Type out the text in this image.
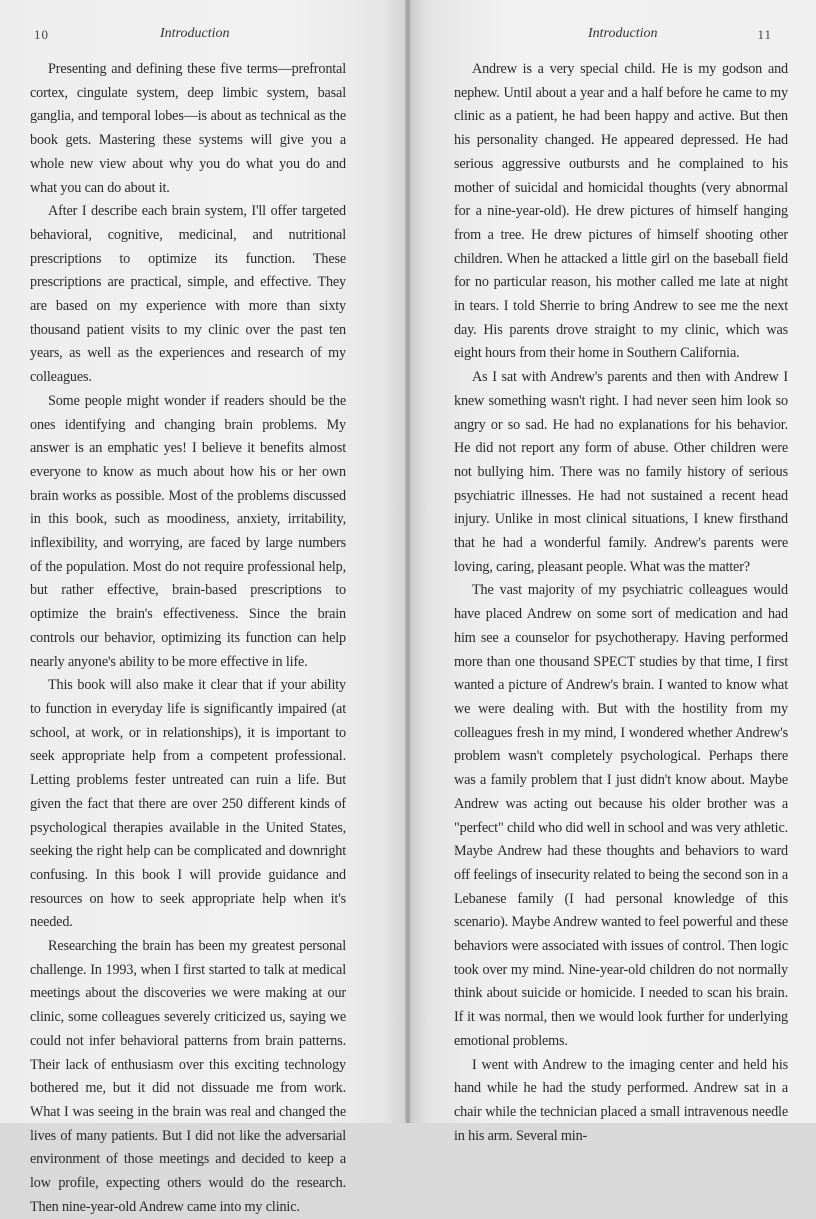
10	Introduction

Presenting and defining these five terms—prefrontal cortex, cingulate system, deep limbic system, basal ganglia, and temporal lobes—is about as technical as the book gets. Mastering these systems will give you a whole new view about why you do what you do and what you can do about it.

After I describe each brain system, I'll offer targeted behavioral, cognitive, medicinal, and nutritional prescriptions to optimize its function. These prescriptions are practical, simple, and effective. They are based on my experience with more than sixty thousand patient visits to my clinic over the past ten years, as well as the experiences and research of my colleagues.

Some people might wonder if readers should be the ones identifying and changing brain problems. My answer is an emphatic yes! I believe it benefits almost everyone to know as much about how his or her own brain works as possible. Most of the problems discussed in this book, such as moodiness, anxiety, irritability, inflexibility, and worrying, are faced by large numbers of the population. Most do not require professional help, but rather effective, brain-based prescriptions to optimize the brain's effectiveness. Since the brain controls our behavior, optimizing its function can help nearly anyone's ability to be more effective in life.

This book will also make it clear that if your ability to function in everyday life is significantly impaired (at school, at work, or in relationships), it is important to seek appropriate help from a competent professional. Letting problems fester untreated can ruin a life. But given the fact that there are over 250 different kinds of psychological therapies available in the United States, seeking the right help can be complicated and downright confusing. In this book I will provide guidance and resources on how to seek appropriate help when it's needed.

Researching the brain has been my greatest personal challenge. In 1993, when I first started to talk at medical meetings about the discoveries we were making at our clinic, some colleagues severely criticized us, saying we could not infer behavioral patterns from brain patterns. Their lack of enthusiasm over this exciting technology bothered me, but it did not dissuade me from work. What I was seeing in the brain was real and changed the lives of many patients. But I did not like the adversarial environment of those meetings and decided to keep a low profile, expecting others would do the research. Then nine-year-old Andrew came into my clinic.

Introduction	11

Andrew is a very special child. He is my godson and nephew. Until about a year and a half before he came to my clinic as a patient, he had been happy and active. But then his personality changed. He appeared depressed. He had serious aggressive outbursts and he complained to his mother of suicidal and homicidal thoughts (very abnormal for a nine-year-old). He drew pictures of himself hanging from a tree. He drew pictures of himself shooting other children. When he attacked a little girl on the baseball field for no particular reason, his mother called me late at night in tears. I told Sherrie to bring Andrew to see me the next day. His parents drove straight to my clinic, which was eight hours from their home in Southern California.

As I sat with Andrew's parents and then with Andrew I knew something wasn't right. I had never seen him look so angry or so sad. He had no explanations for his behavior. He did not report any form of abuse. Other children were not bullying him. There was no family history of serious psychiatric illnesses. He had not sustained a recent head injury. Unlike in most clinical situations, I knew firsthand that he had a wonderful family. Andrew's parents were loving, caring, pleasant people. What was the matter?

The vast majority of my psychiatric colleagues would have placed Andrew on some sort of medication and had him see a counselor for psychotherapy. Having performed more than one thousand SPECT studies by that time, I first wanted a picture of Andrew's brain. I wanted to know what we were dealing with. But with the hostility from my colleagues fresh in my mind, I wondered whether Andrew's problem wasn't completely psychological. Perhaps there was a family problem that I just didn't know about. Maybe Andrew was acting out because his older brother was a "perfect" child who did well in school and was very athletic. Maybe Andrew had these thoughts and behaviors to ward off feelings of insecurity related to being the second son in a Lebanese family (I had personal knowledge of this scenario). Maybe Andrew wanted to feel powerful and these behaviors were associated with issues of control. Then logic took over my mind. Nine-year-old children do not normally think about suicide or homicide. I needed to scan his brain. If it was normal, then we would look further for underlying emotional problems.

I went with Andrew to the imaging center and held his hand while he had the study performed. Andrew sat in a chair while the technician placed a small intravenous needle in his arm. Several min-
